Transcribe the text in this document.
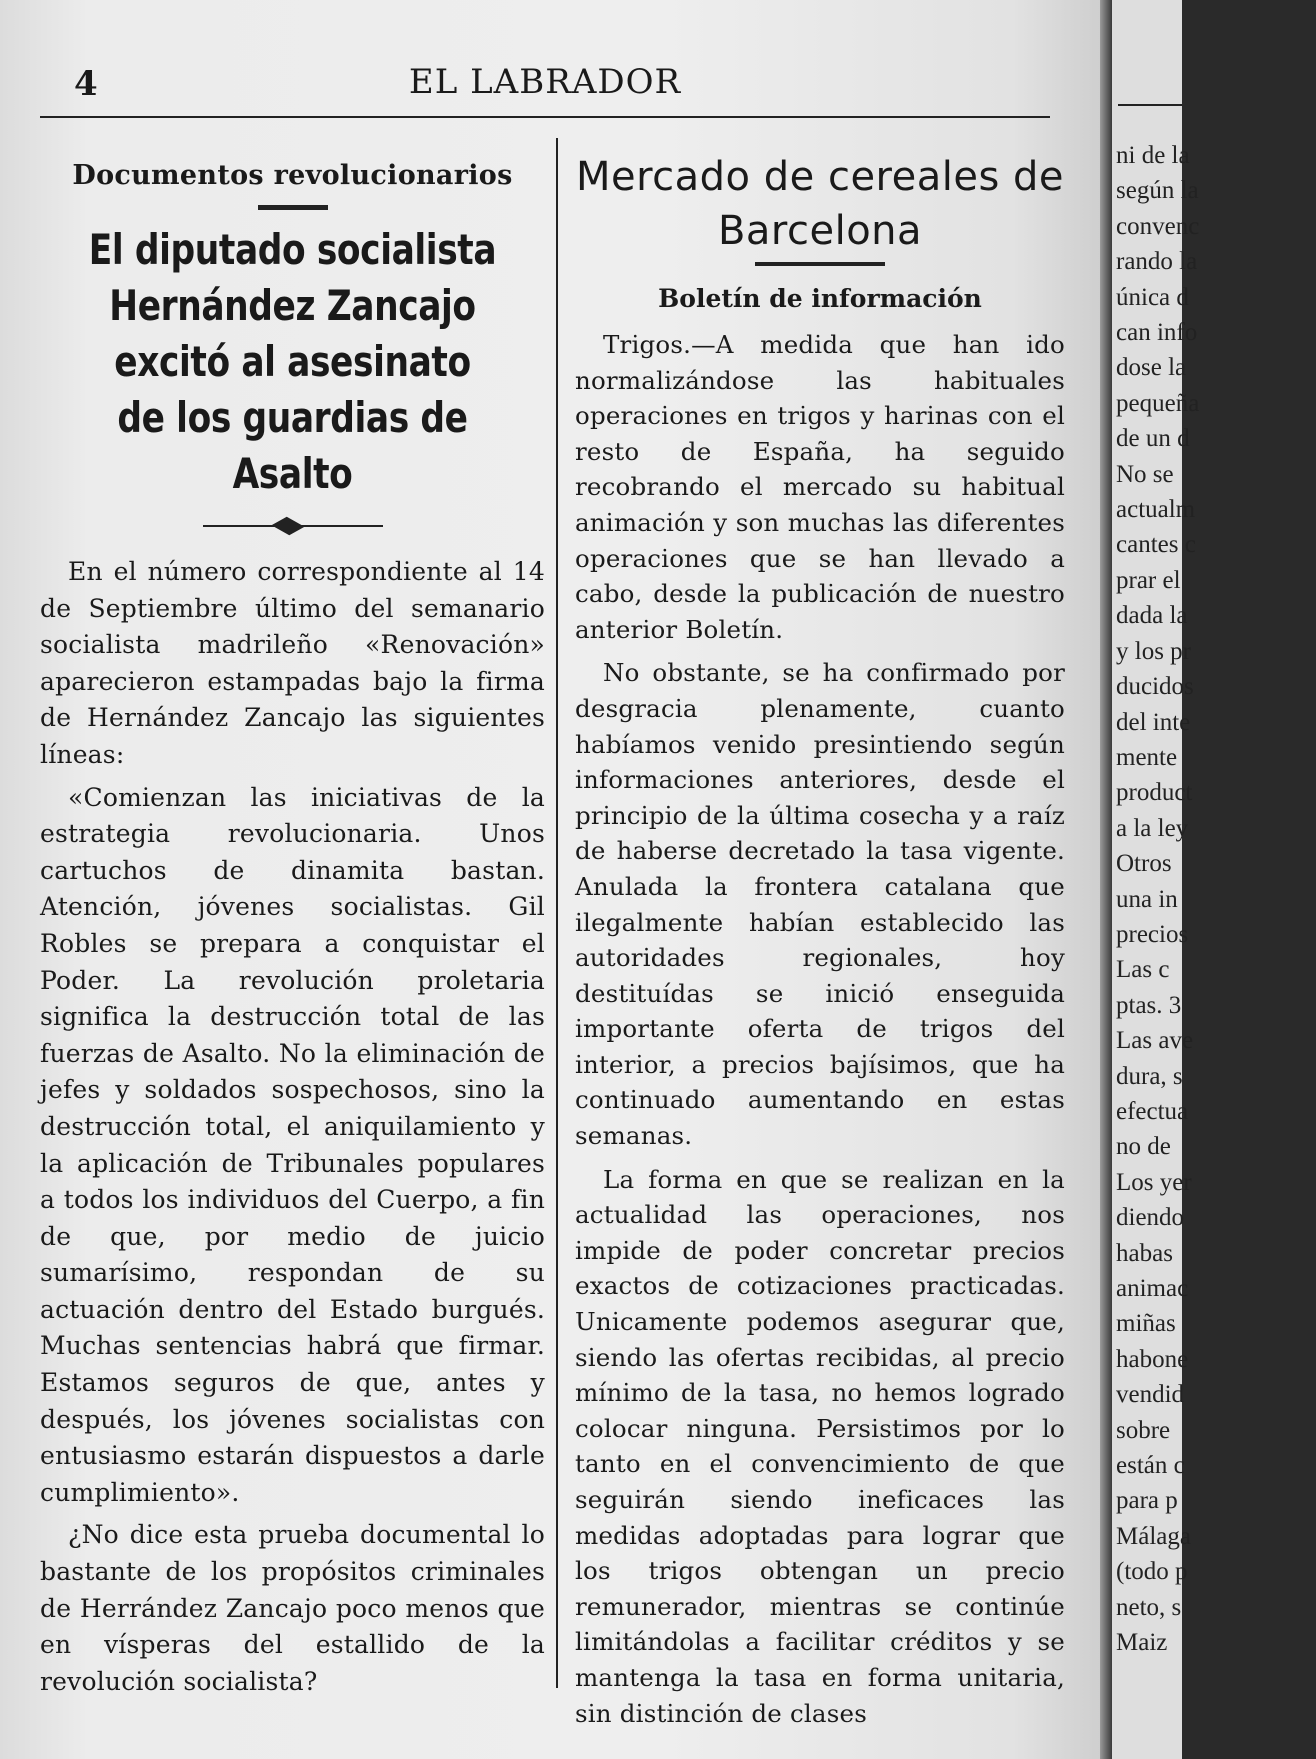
4	EL LABRADOR
Documentos revolucionarios
El diputado socialista Hernández Zancajo excitó al asesinato de los guardias de Asalto

En el número correspondiente al 14 de Septiembre último del semanario socialista madrileño «Renovación» aparecieron estampadas bajo la firma de Hernández Zancajo las siguientes líneas:

«Comienzan las iniciativas de la estrategia revolucionaria. Unos cartuchos de dinamita bastan. Atención, jóvenes socialistas. Gil Robles se prepara a conquistar el Poder. La revolución proletaria significa la destrucción total de las fuerzas de Asalto. No la eliminación de jefes y soldados sospechosos, sino la destrucción total, el aniquilamiento y la aplicación de Tribunales populares a todos los individuos del Cuerpo, a fin de que, por medio de juicio sumarísimo, respondan de su actuación dentro del Estado burgués. Muchas sentencias habrá que firmar. Estamos seguros de que, antes y después, los jóvenes socialistas con entusiasmo estarán dispuestos a darle cumplimiento».

¿No dice esta prueba documental lo bastante de los propósitos criminales de Herrández Zancajo poco menos que en vísperas del estallido de la revolución socialista?

Mercado de cereales de Barcelona
Boletín de información

Trigos.—A medida que han ido normalizándose las habituales operaciones en trigos y harinas con el resto de España, ha seguido recobrando el mercado su habitual animación y son muchas las diferentes operaciones que se han llevado a cabo, desde la publicación de nuestro anterior Boletín.

No obstante, se ha confirmado por desgracia plenamente, cuanto habíamos venido presintiendo según informaciones anteriores, desde el principio de la última cosecha y a raíz de haberse decretado la tasa vigente. Anulada la frontera catalana que ilegalmente habían establecido las autoridades regionales, hoy destituídas se inició enseguida importante oferta de trigos del interior, a precios bajísimos, que ha continuado aumentando en estas semanas.

La forma en que se realizan en la actualidad las operaciones, nos impide de poder concretar precios exactos de cotizaciones practicadas. Unicamente podemos asegurar que, siendo las ofertas recibidas, al precio mínimo de la tasa, no hemos logrado colocar ninguna. Persistimos por lo tanto en el convencimiento de que seguirán siendo ineficaces las medidas adoptadas para lograr que los trigos obtengan un precio remunerador, mientras se continúe limitándolas a facilitar créditos y se mantenga la tasa en forma unitaria, sin distinción de clases

ni de la
según la
convenc
rando la
única d
can info
dose la
pequeña
de un d
No se
actualm
cantes c
prar el
dada la
y los pr
ducidos
del inte
mente
product
a la ley
Otros
una in
precios
Las c
ptas. 3
Las ave
dura, s
efectua
no de
Los yer
diendo
habas
animac
miñas
habone
vendid
sobre
están c
para p
Málaga
(todo p
neto, s
Maiz
